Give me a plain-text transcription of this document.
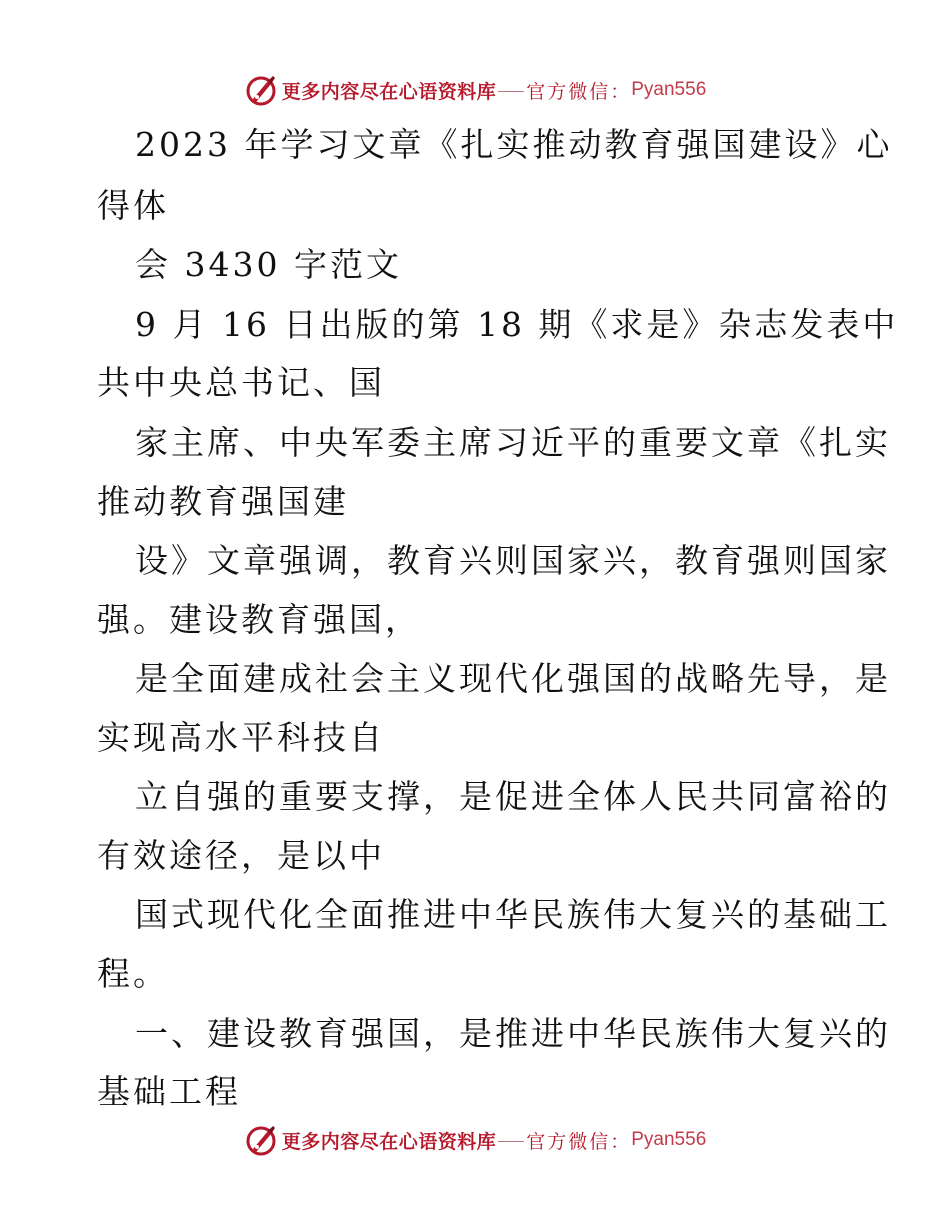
更多内容尽在心语资料库 官方微信： Pyan556
2023 年学习文章《扎实推动教育强国建设》心
得体
会 3430 字范文
9 月 16 日出版的第 18 期《求是》杂志发表中
共中央总书记、国
家主席、中央军委主席习近平的重要文章《扎实
推动教育强国建
设》文章强调，教育兴则国家兴，教育强则国家
强。建设教育强国，
是全面建成社会主义现代化强国的战略先导，是
实现高水平科技自
立自强的重要支撑，是促进全体人民共同富裕的
有效途径，是以中
国式现代化全面推进中华民族伟大复兴的基础工
程。
一、建设教育强国，是推进中华民族伟大复兴的
基础工程
更多内容尽在心语资料库 官方微信： Pyan556
